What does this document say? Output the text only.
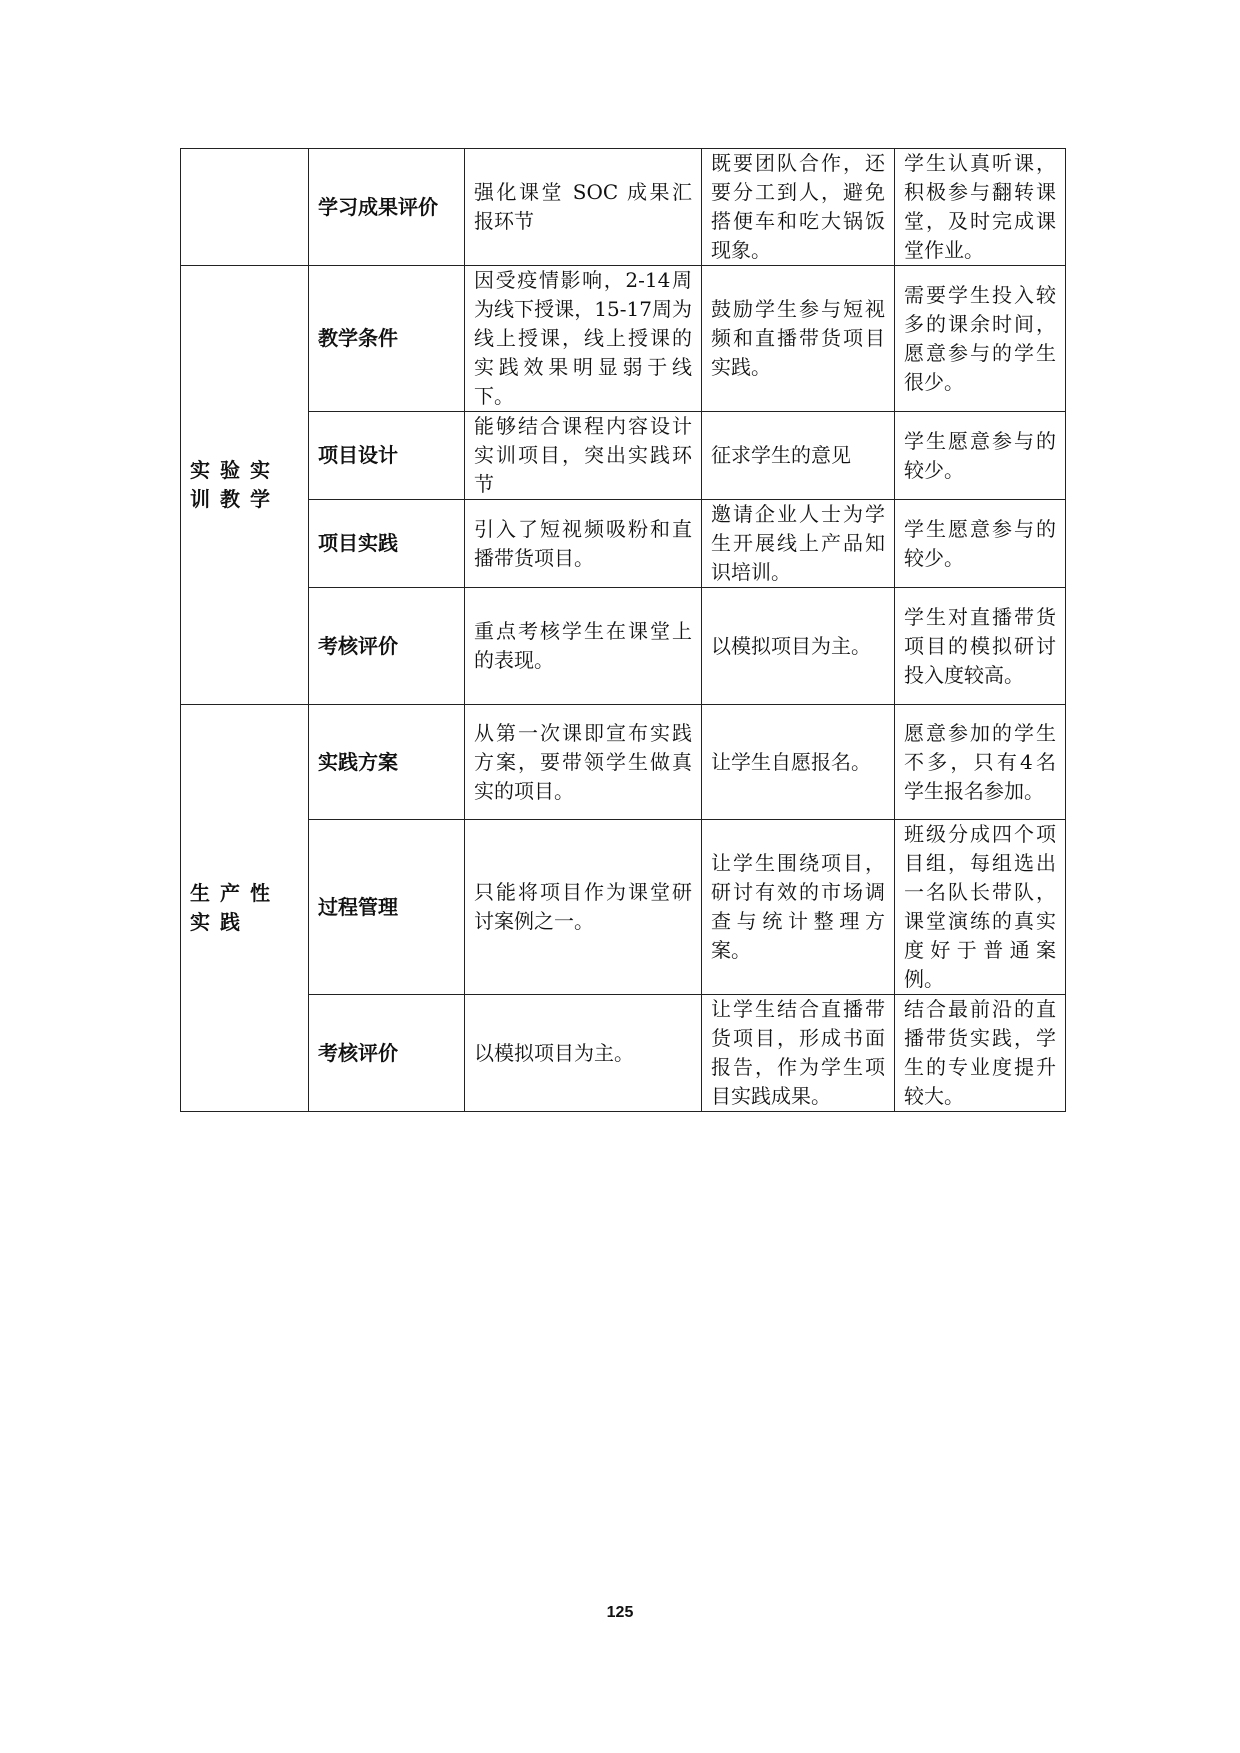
	学习成果评价	强化课堂 SOC 成果汇报环节	既要团队合作，还要分工到人，避免搭便车和吃大锅饭现象。	学生认真听课，积极参与翻转课堂，及时完成课堂作业。
实验实训教学	教学条件	因受疫情影响，2-14周为线下授课，15-17周为线上授课，线上授课的实践效果明显弱于线下。	鼓励学生参与短视频和直播带货项目实践。	需要学生投入较多的课余时间，愿意参与的学生很少。
	项目设计	能够结合课程内容设计实训项目，突出实践环节	征求学生的意见	学生愿意参与的较少。
	项目实践	引入了短视频吸粉和直播带货项目。	邀请企业人士为学生开展线上产品知识培训。	学生愿意参与的较少。
	考核评价	重点考核学生在课堂上的表现。	以模拟项目为主。	学生对直播带货项目的模拟研讨投入度较高。
生产性实践	实践方案	从第一次课即宣布实践方案，要带领学生做真实的项目。	让学生自愿报名。	愿意参加的学生不多，只有4名学生报名参加。
	过程管理	只能将项目作为课堂研讨案例之一。	让学生围绕项目，研讨有效的市场调查与统计整理方案。	班级分成四个项目组，每组选出一名队长带队，课堂演练的真实度好于普通案例。
	考核评价	以模拟项目为主。	让学生结合直播带货项目，形成书面报告，作为学生项目实践成果。	结合最前沿的直播带货实践，学生的专业度提升较大。
125
